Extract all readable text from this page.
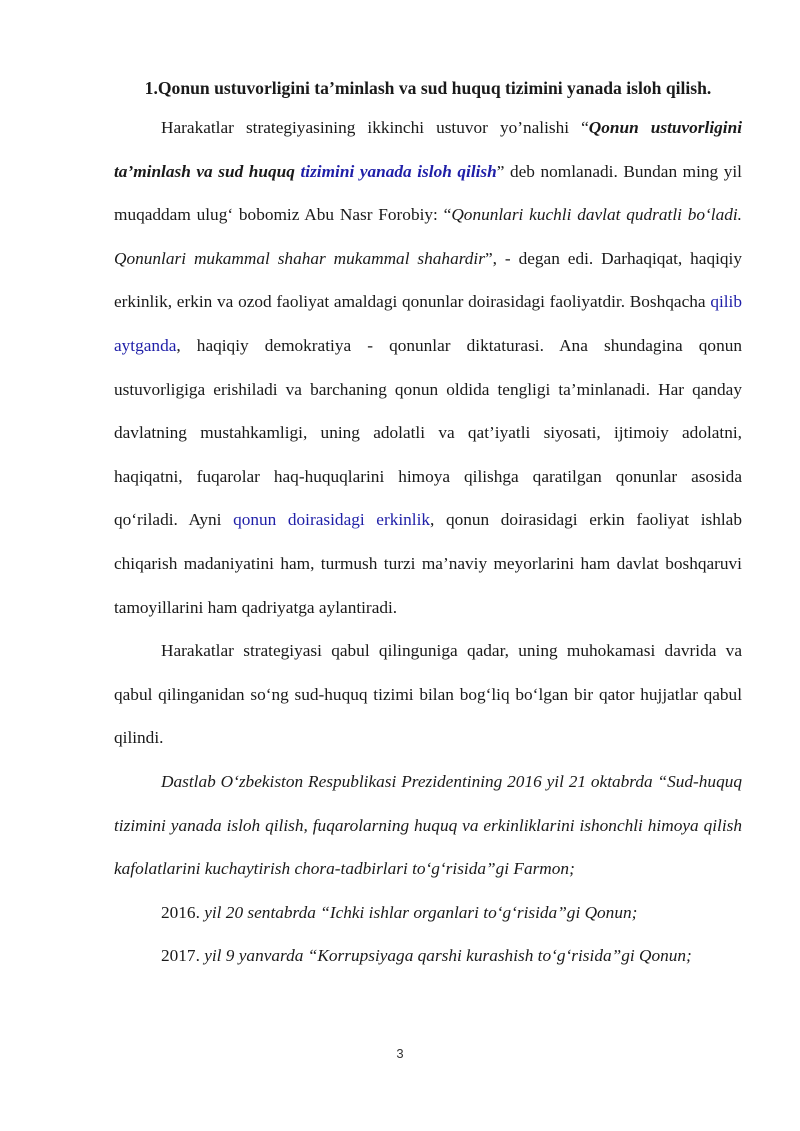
1.Qonun ustuvorligini ta’minlash va sud huquq tizimini yanada isloh qilish.

Harakatlar strategiyasining ikkinchi ustuvor yo’nalishi “Qonun ustuvorligini ta’minlash va sud huquq tizimini yanada isloh qilish” deb nomlanadi. Bundan ming yil muqaddam ulug‘ bobomiz Abu Nasr Forobiy: “Qonunlari kuchli davlat qudratli bo‘ladi. Qonunlari mukammal shahar mukammal shahardir”, - degan edi. Darhaqiqat, haqiqiy erkinlik, erkin va ozod faoliyat amaldagi qonunlar doirasidagi faoliyatdir. Boshqacha qilib aytganda, haqiqiy demokratiya - qonunlar diktaturasi. Ana shundagina qonun ustuvorligiga erishiladi va barchaning qonun oldida tengligi ta’minlanadi. Har qanday davlatning mustahkamligi, uning adolatli va qat’iyatli siyosati, ijtimoiy adolatni, haqiqatni, fuqarolar haq-huquqlarini himoya qilishga qaratilgan qonunlar asosida qo‘riladi. Ayni qonun doirasidagi erkinlik, qonun doirasidagi erkin faoliyat ishlab chiqarish madaniyatini ham, turmush turzi ma’naviy meyorlarini ham davlat boshqaruvi tamoyillarini ham qadriyatga aylantiradi.

Harakatlar strategiyasi qabul qilinguniga qadar, uning muhokamasi davrida va qabul qilinganidan so‘ng sud-huquq tizimi bilan bog‘liq bo‘lgan bir qator hujjatlar qabul qilindi.

Dastlab O‘zbekiston Respublikasi Prezidentining 2016 yil 21 oktabrda “Sud-huquq tizimini yanada isloh qilish, fuqarolarning huquq va erkinliklarini ishonchli himoya qilish kafolatlarini kuchaytirish chora-tadbirlari to‘g‘risida”gi Farmon;

2016. yil 20 sentabrda “Ichki ishlar organlari to‘g‘risida”gi Qonun;

2017. yil 9 yanvarda “Korrupsiyaga qarshi kurashish to‘g‘risida”gi Qonun;

3
